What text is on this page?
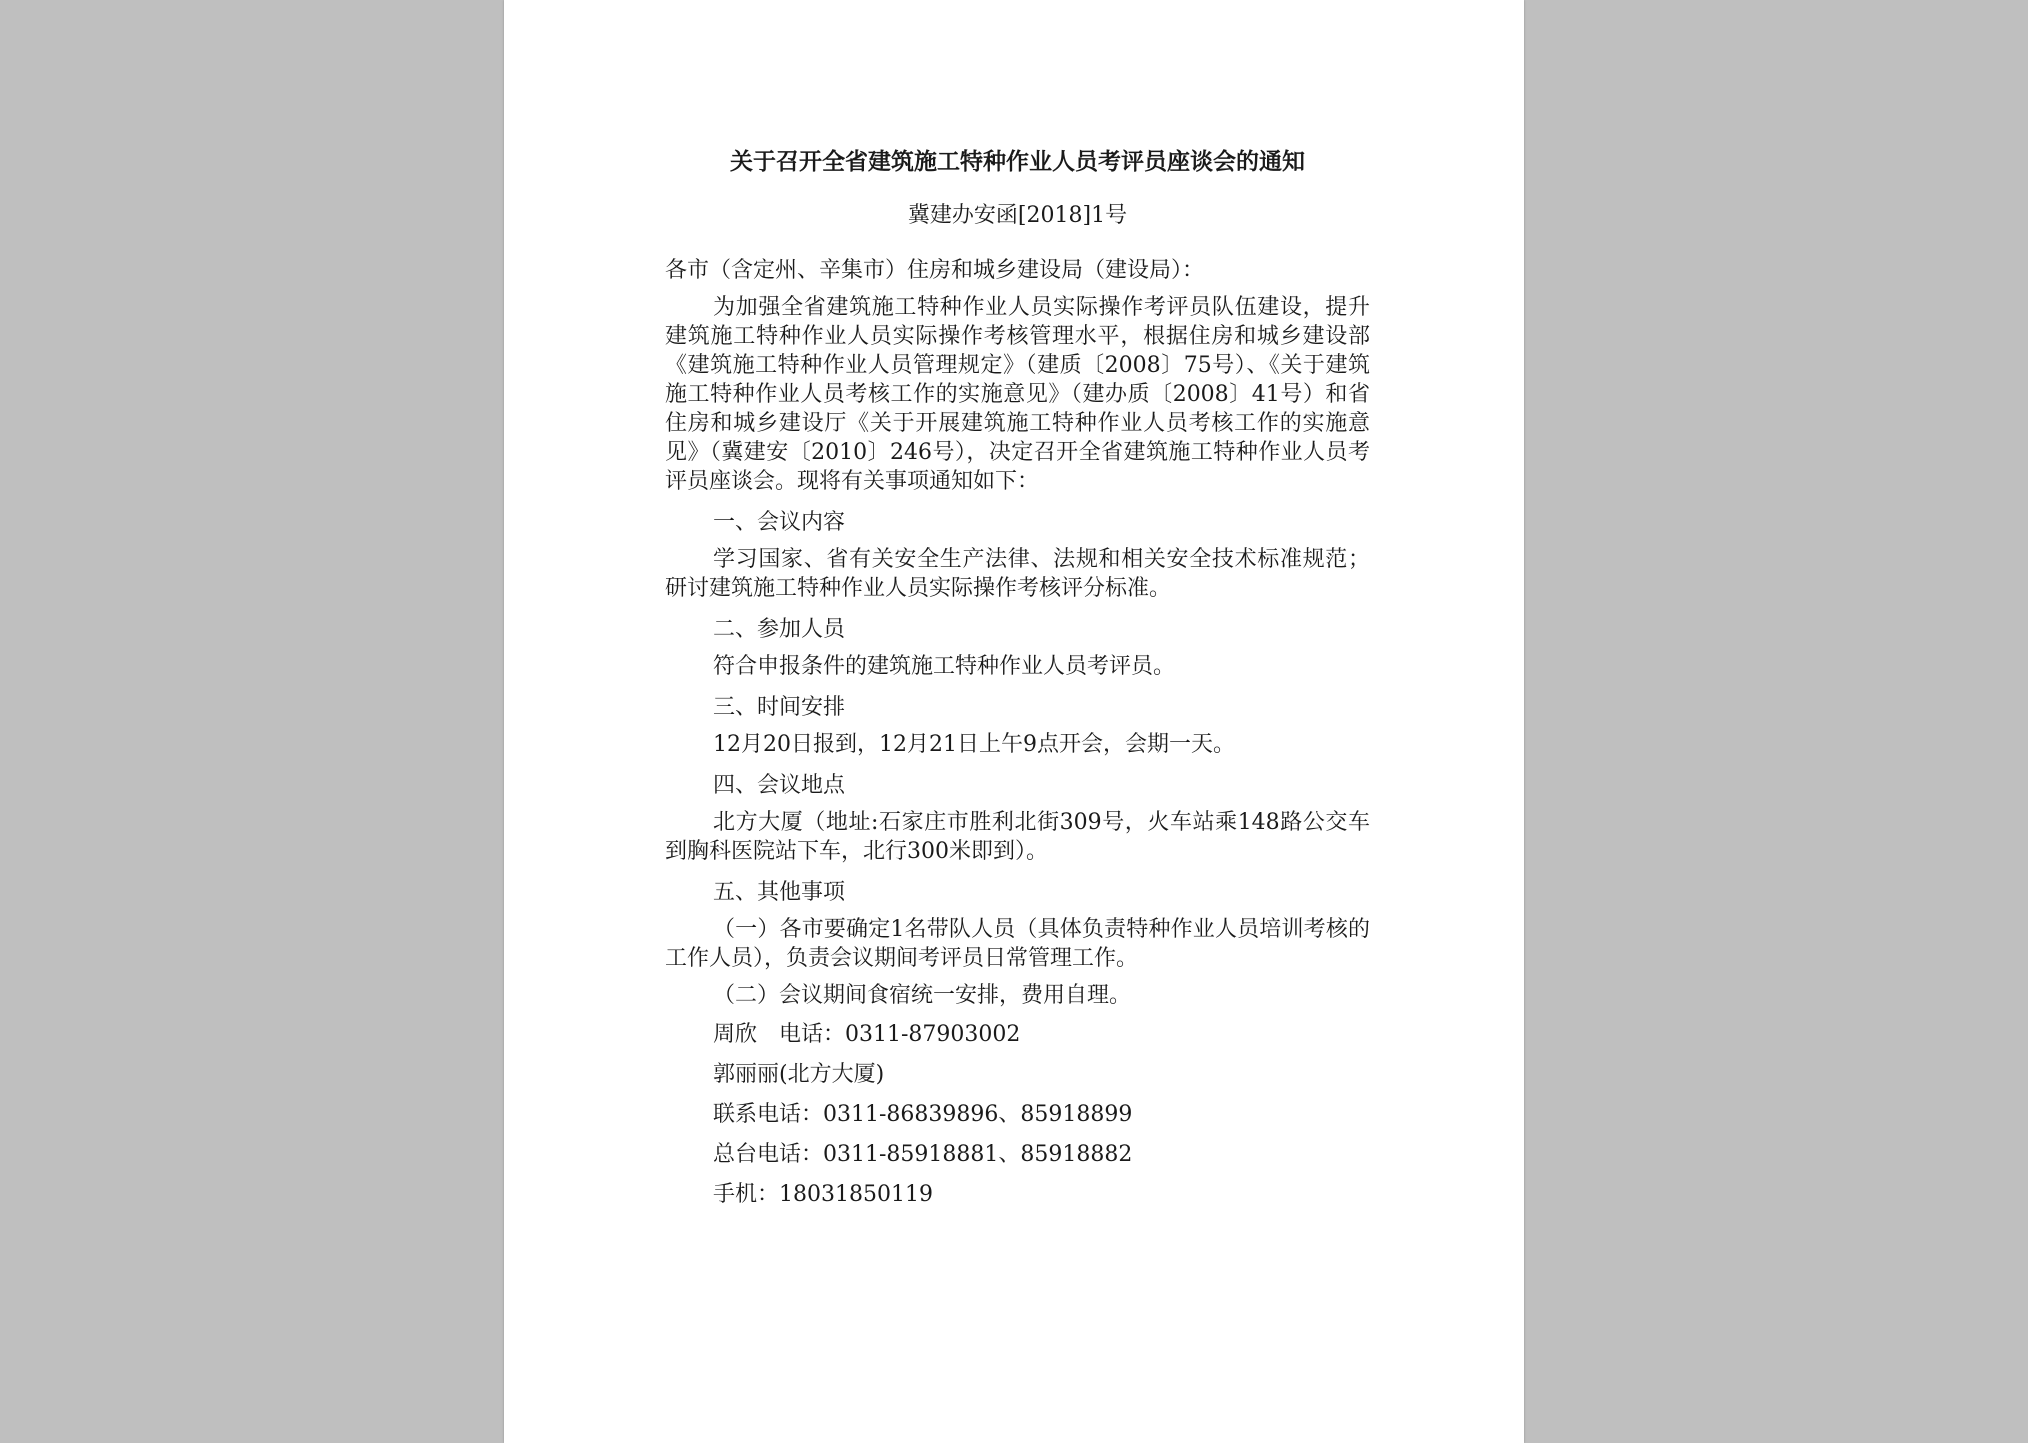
关于召开全省建筑施工特种作业人员考评员座谈会的通知

冀建办安函[2018]1号

各市（含定州、辛集市）住房和城乡建设局（建设局）：

为加强全省建筑施工特种作业人员实际操作考评员队伍建设，提升建筑施工特种作业人员实际操作考核管理水平，根据住房和城乡建设部《建筑施工特种作业人员管理规定》（建质〔2008〕75号）、《关于建筑施工特种作业人员考核工作的实施意见》（建办质〔2008〕41号）和省住房和城乡建设厅《关于开展建筑施工特种作业人员考核工作的实施意见》（冀建安〔2010〕246号），决定召开全省建筑施工特种作业人员考评员座谈会。现将有关事项通知如下：

一、会议内容

学习国家、省有关安全生产法律、法规和相关安全技术标准规范；研讨建筑施工特种作业人员实际操作考核评分标准。

二、参加人员

符合申报条件的建筑施工特种作业人员考评员。

三、时间安排

12月20日报到，12月21日上午9点开会，会期一天。

四、会议地点

北方大厦（地址:石家庄市胜利北街309号，火车站乘148路公交车到胸科医院站下车，北行300米即到）。

五、其他事项

（一）各市要确定1名带队人员（具体负责特种作业人员培训考核的工作人员），负责会议期间考评员日常管理工作。

（二）会议期间食宿统一安排，费用自理。

周欣　电话：0311-87903002

郭丽丽(北方大厦)

联系电话：0311-86839896、85918899

总台电话：0311-85918881、85918882

手机：18031850119
